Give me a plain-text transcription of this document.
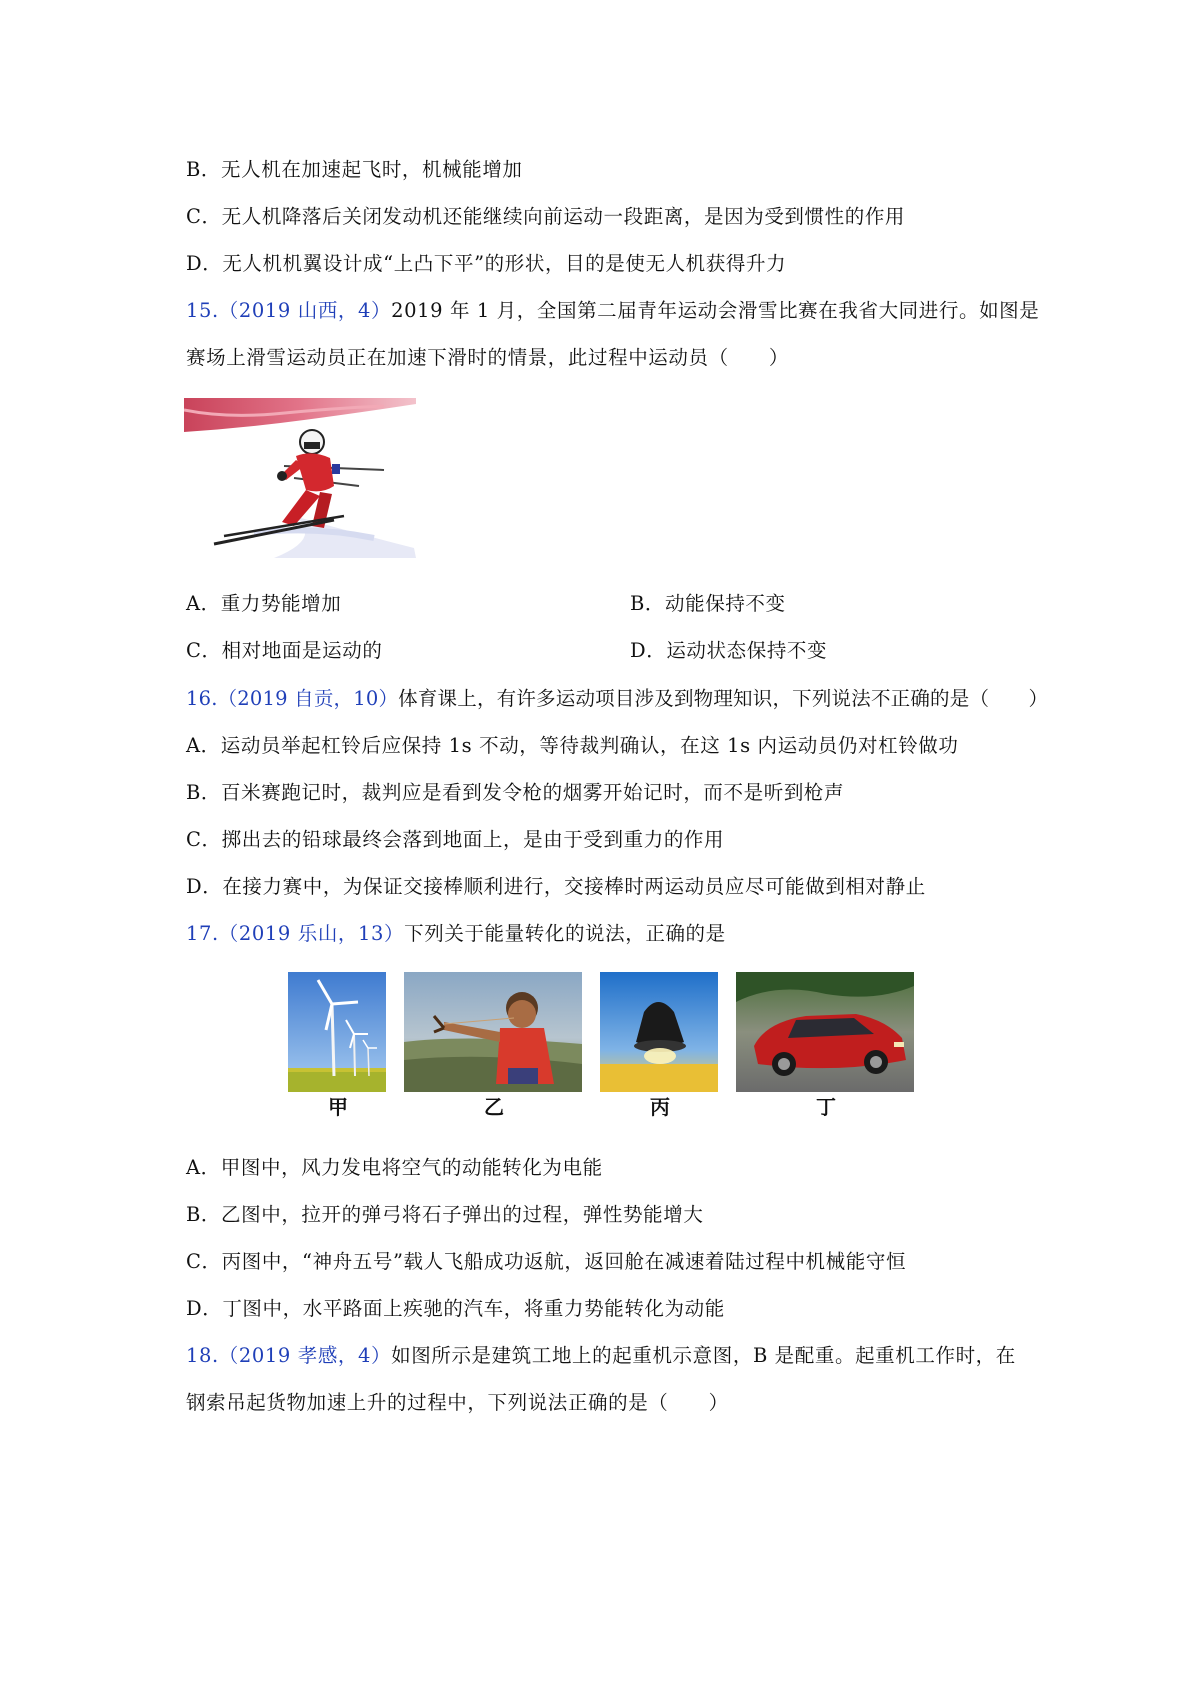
B．无人机在加速起飞时，机械能增加
C．无人机降落后关闭发动机还能继续向前运动一段距离，是因为受到惯性的作用
D．无人机机翼设计成“上凸下平”的形状，目的是使无人机获得升力
15.（2019 山西，4）2019 年 1 月，全国第二届青年运动会滑雪比赛在我省大同进行。如图是
赛场上滑雪运动员正在加速下滑时的情景，此过程中运动员（　　）
A．重力势能增加	B．动能保持不变
C．相对地面是运动的	D．运动状态保持不变
16.（2019 自贡，10）体育课上，有许多运动项目涉及到物理知识，下列说法不正确的是（　　）
A．运动员举起杠铃后应保持 1s 不动，等待裁判确认，在这 1s 内运动员仍对杠铃做功
B．百米赛跑记时，裁判应是看到发令枪的烟雾开始记时，而不是听到枪声
C．掷出去的铅球最终会落到地面上，是由于受到重力的作用
D．在接力赛中，为保证交接棒顺利进行，交接棒时两运动员应尽可能做到相对静止
17.（2019 乐山，13）下列关于能量转化的说法，正确的是
甲	乙	丙	丁
A．甲图中，风力发电将空气的动能转化为电能
B．乙图中，拉开的弹弓将石子弹出的过程，弹性势能增大
C．丙图中，“神舟五号”载人飞船成功返航，返回舱在减速着陆过程中机械能守恒
D．丁图中，水平路面上疾驰的汽车，将重力势能转化为动能
18.（2019 孝感，4）如图所示是建筑工地上的起重机示意图，B 是配重。起重机工作时，在
钢索吊起货物加速上升的过程中，下列说法正确的是（　　）
